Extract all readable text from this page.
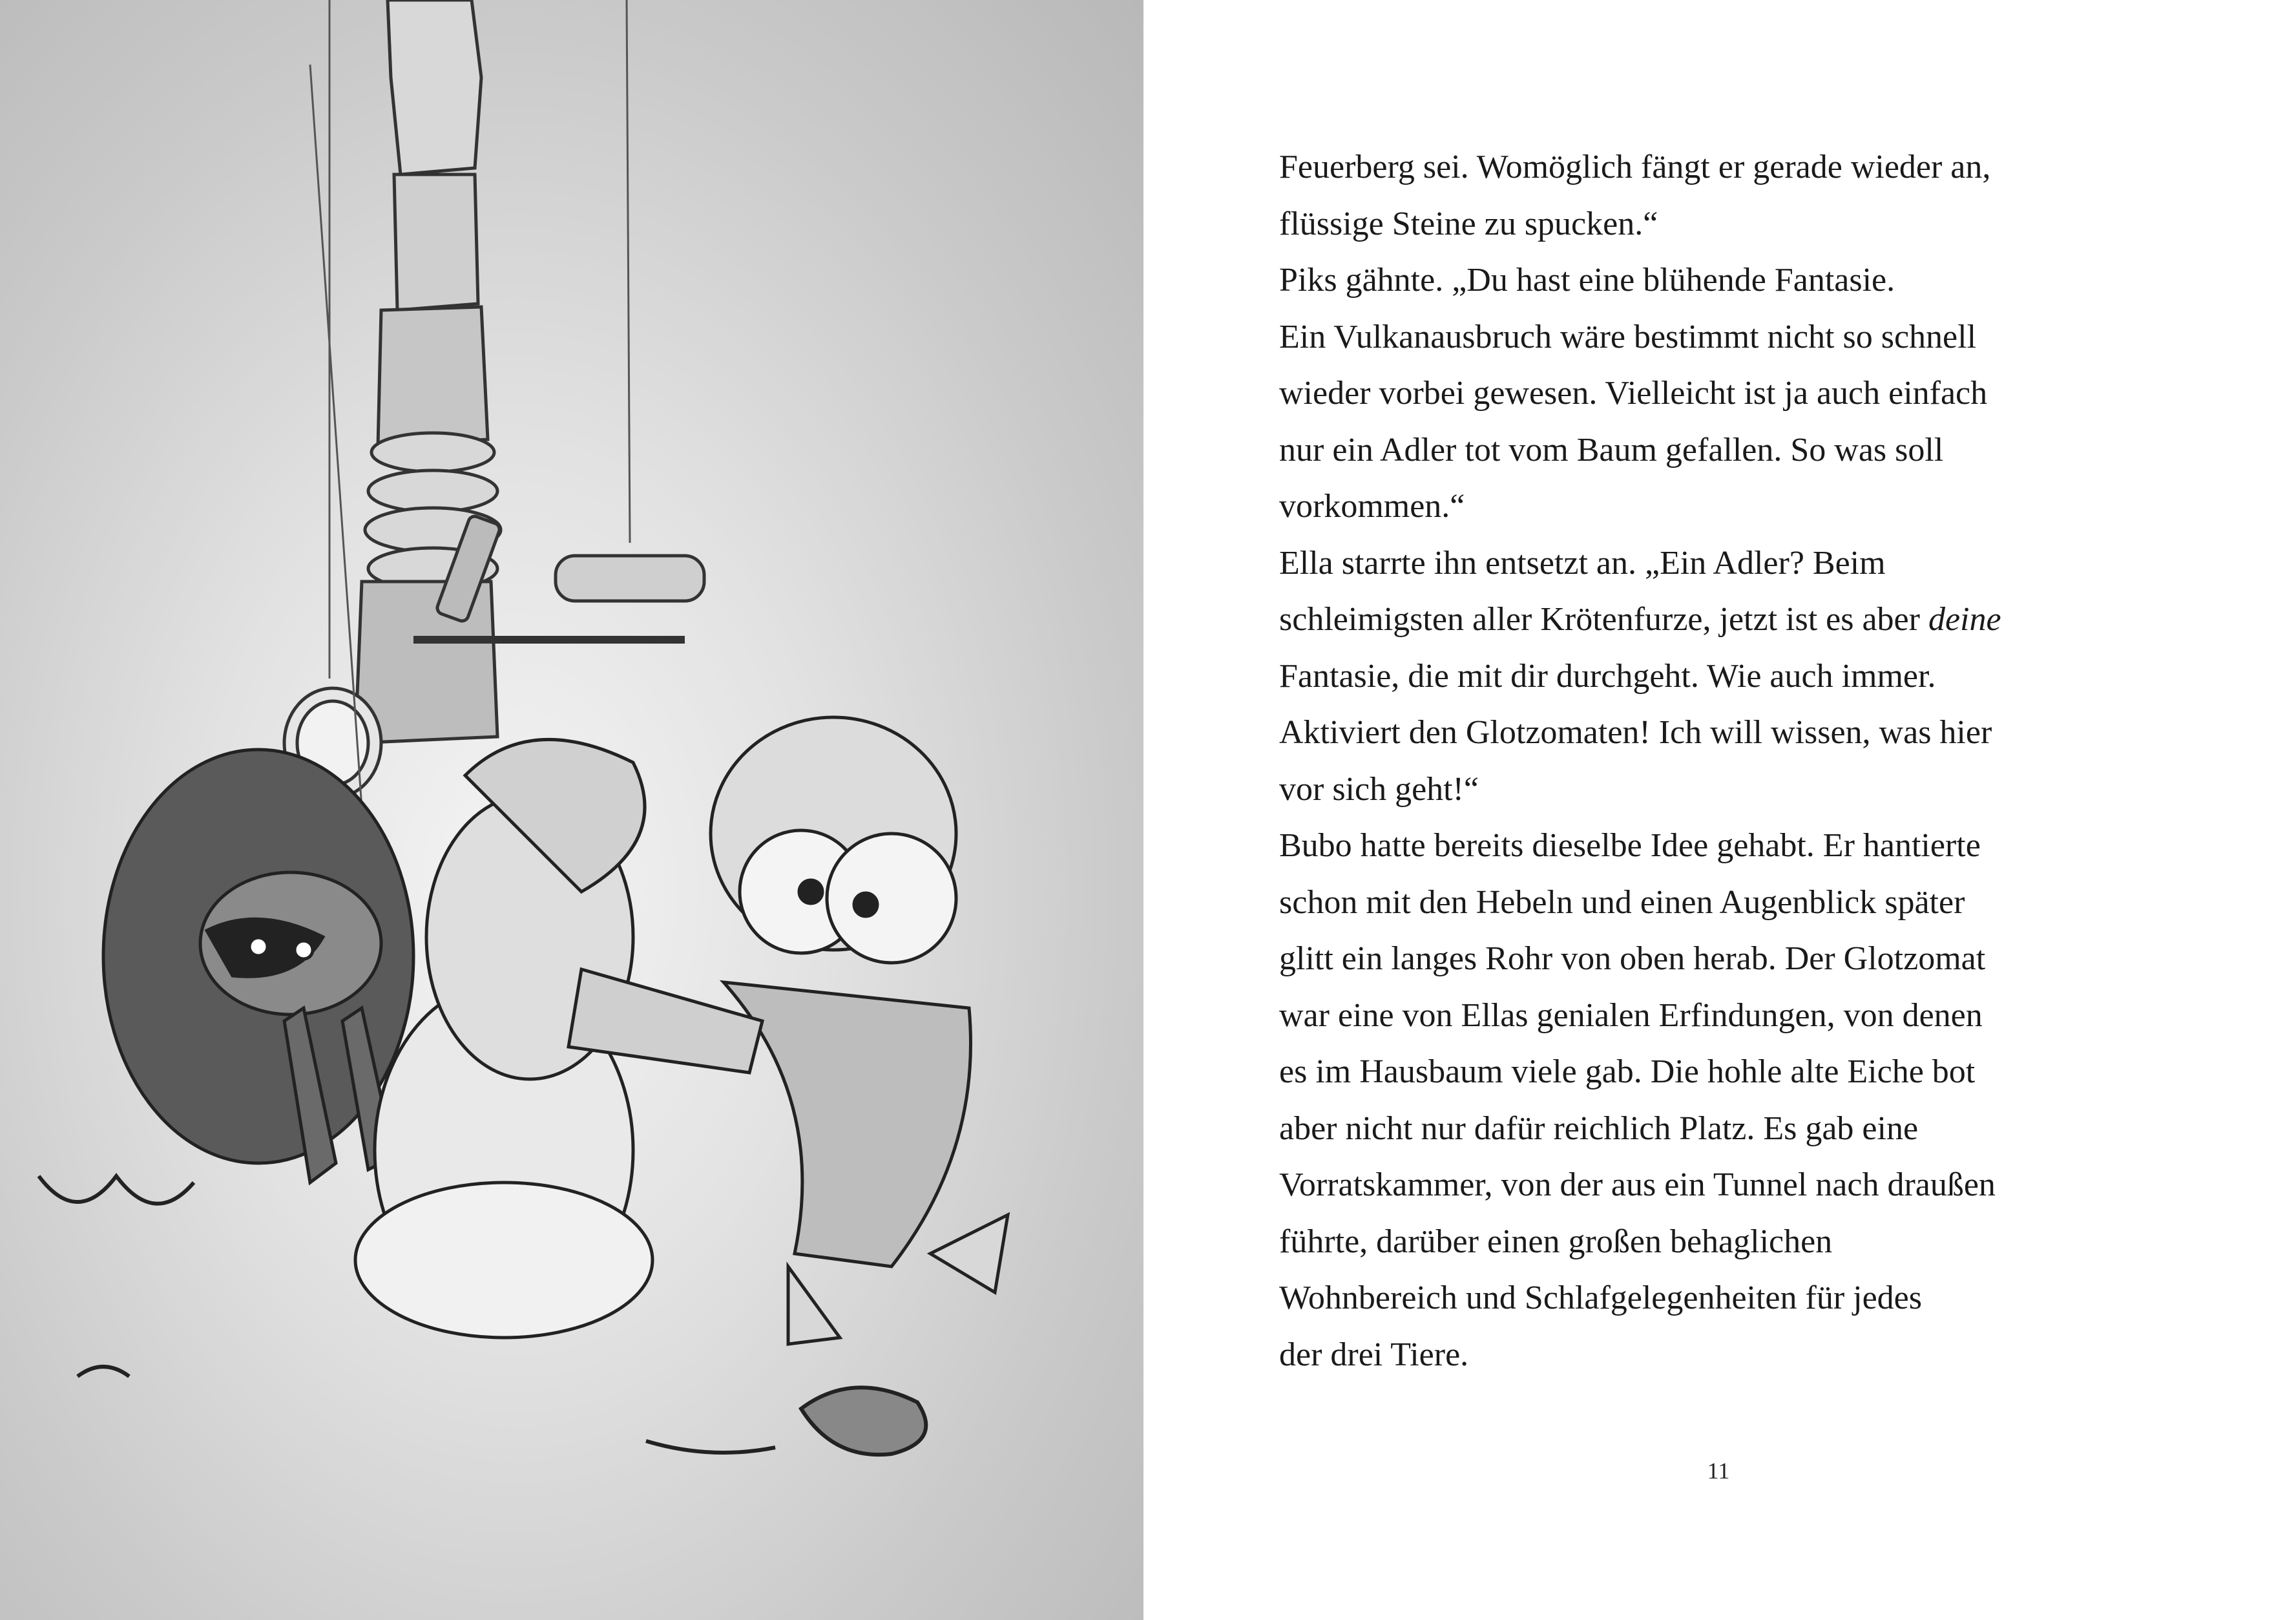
Feuerberg sei. Womöglich fängt er gerade wieder an,
flüssige Steine zu spucken.“
Piks gähnte. „Du hast eine blühende Fantasie.
Ein Vulkanausbruch wäre bestimmt nicht so schnell
wieder vorbei gewesen. Vielleicht ist ja auch einfach
nur ein Adler tot vom Baum gefallen. So was soll
vorkommen.“
Ella starrte ihn entsetzt an. „Ein Adler? Beim
schleimigsten aller Krötenfurze, jetzt ist es aber deine
Fantasie, die mit dir durchgeht. Wie auch immer.
Aktiviert den Glotzomaten! Ich will wissen, was hier
vor sich geht!“
Bubo hatte bereits dieselbe Idee gehabt. Er hantierte
schon mit den Hebeln und einen Augenblick später
glitt ein langes Rohr von oben herab. Der Glotzomat
war eine von Ellas genialen Erfindungen, von denen
es im Hausbaum viele gab. Die hohle alte Eiche bot
aber nicht nur dafür reichlich Platz. Es gab eine
Vorratskammer, von der aus ein Tunnel nach draußen
führte, darüber einen großen behaglichen
Wohnbereich und Schlafgelegenheiten für jedes
der drei Tiere.
11
